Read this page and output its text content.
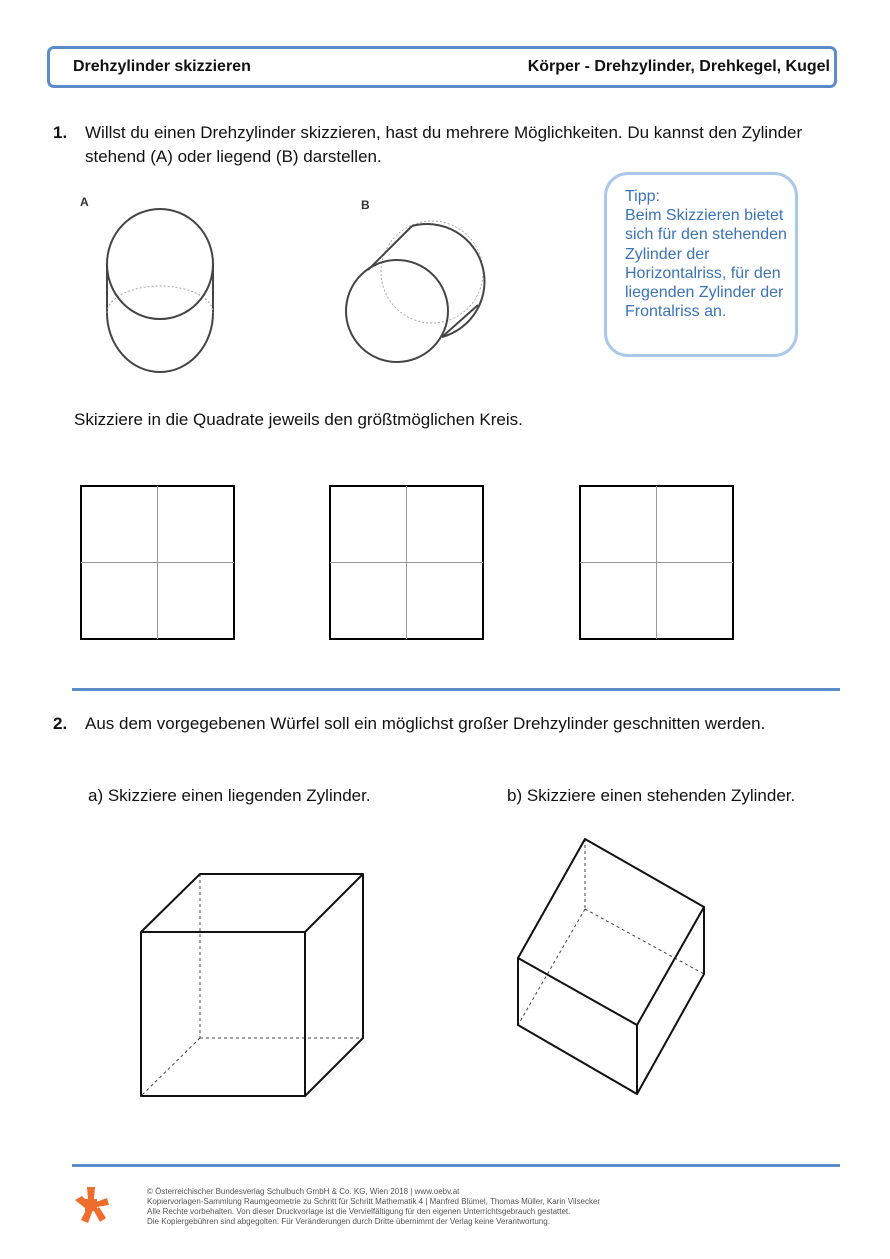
Drehzylinder skizzieren	Körper - Drehzylinder, Drehkegel, Kugel
1. Willst du einen Drehzylinder skizzieren, hast du mehrere Möglichkeiten. Du kannst den Zylinder
stehend (A) oder liegend (B) darstellen.
A	B	Tipp:
Beim Skizzieren bietet sich für den stehenden Zylinder der Horizontalriss, für den liegenden Zylinder der Frontalriss an.
Skizziere in die Quadrate jeweils den größtmöglichen Kreis.
2. Aus dem vorgegebenen Würfel soll ein möglichst großer Drehzylinder geschnitten werden.
a) Skizziere einen liegenden Zylinder.	b) Skizziere einen stehenden Zylinder.
© Österreichischer Bundesverlag Schulbuch GmbH & Co. KG, Wien 2018 | www.oebv.at
Kopiervorlagen-Sammlung Raumgeometrie zu Schritt für Schritt Mathematik 4 | Manfred Blümel, Thomas Müller, Karin Vilsecker
Alle Rechte vorbehalten. Von dieser Druckvorlage ist die Vervielfältigung für den eigenen Unterrichtsgebrauch gestattet.
Die Kopiergebühren sind abgegolten. Für Veränderungen durch Dritte übernimmt der Verlag keine Verantwortung.
